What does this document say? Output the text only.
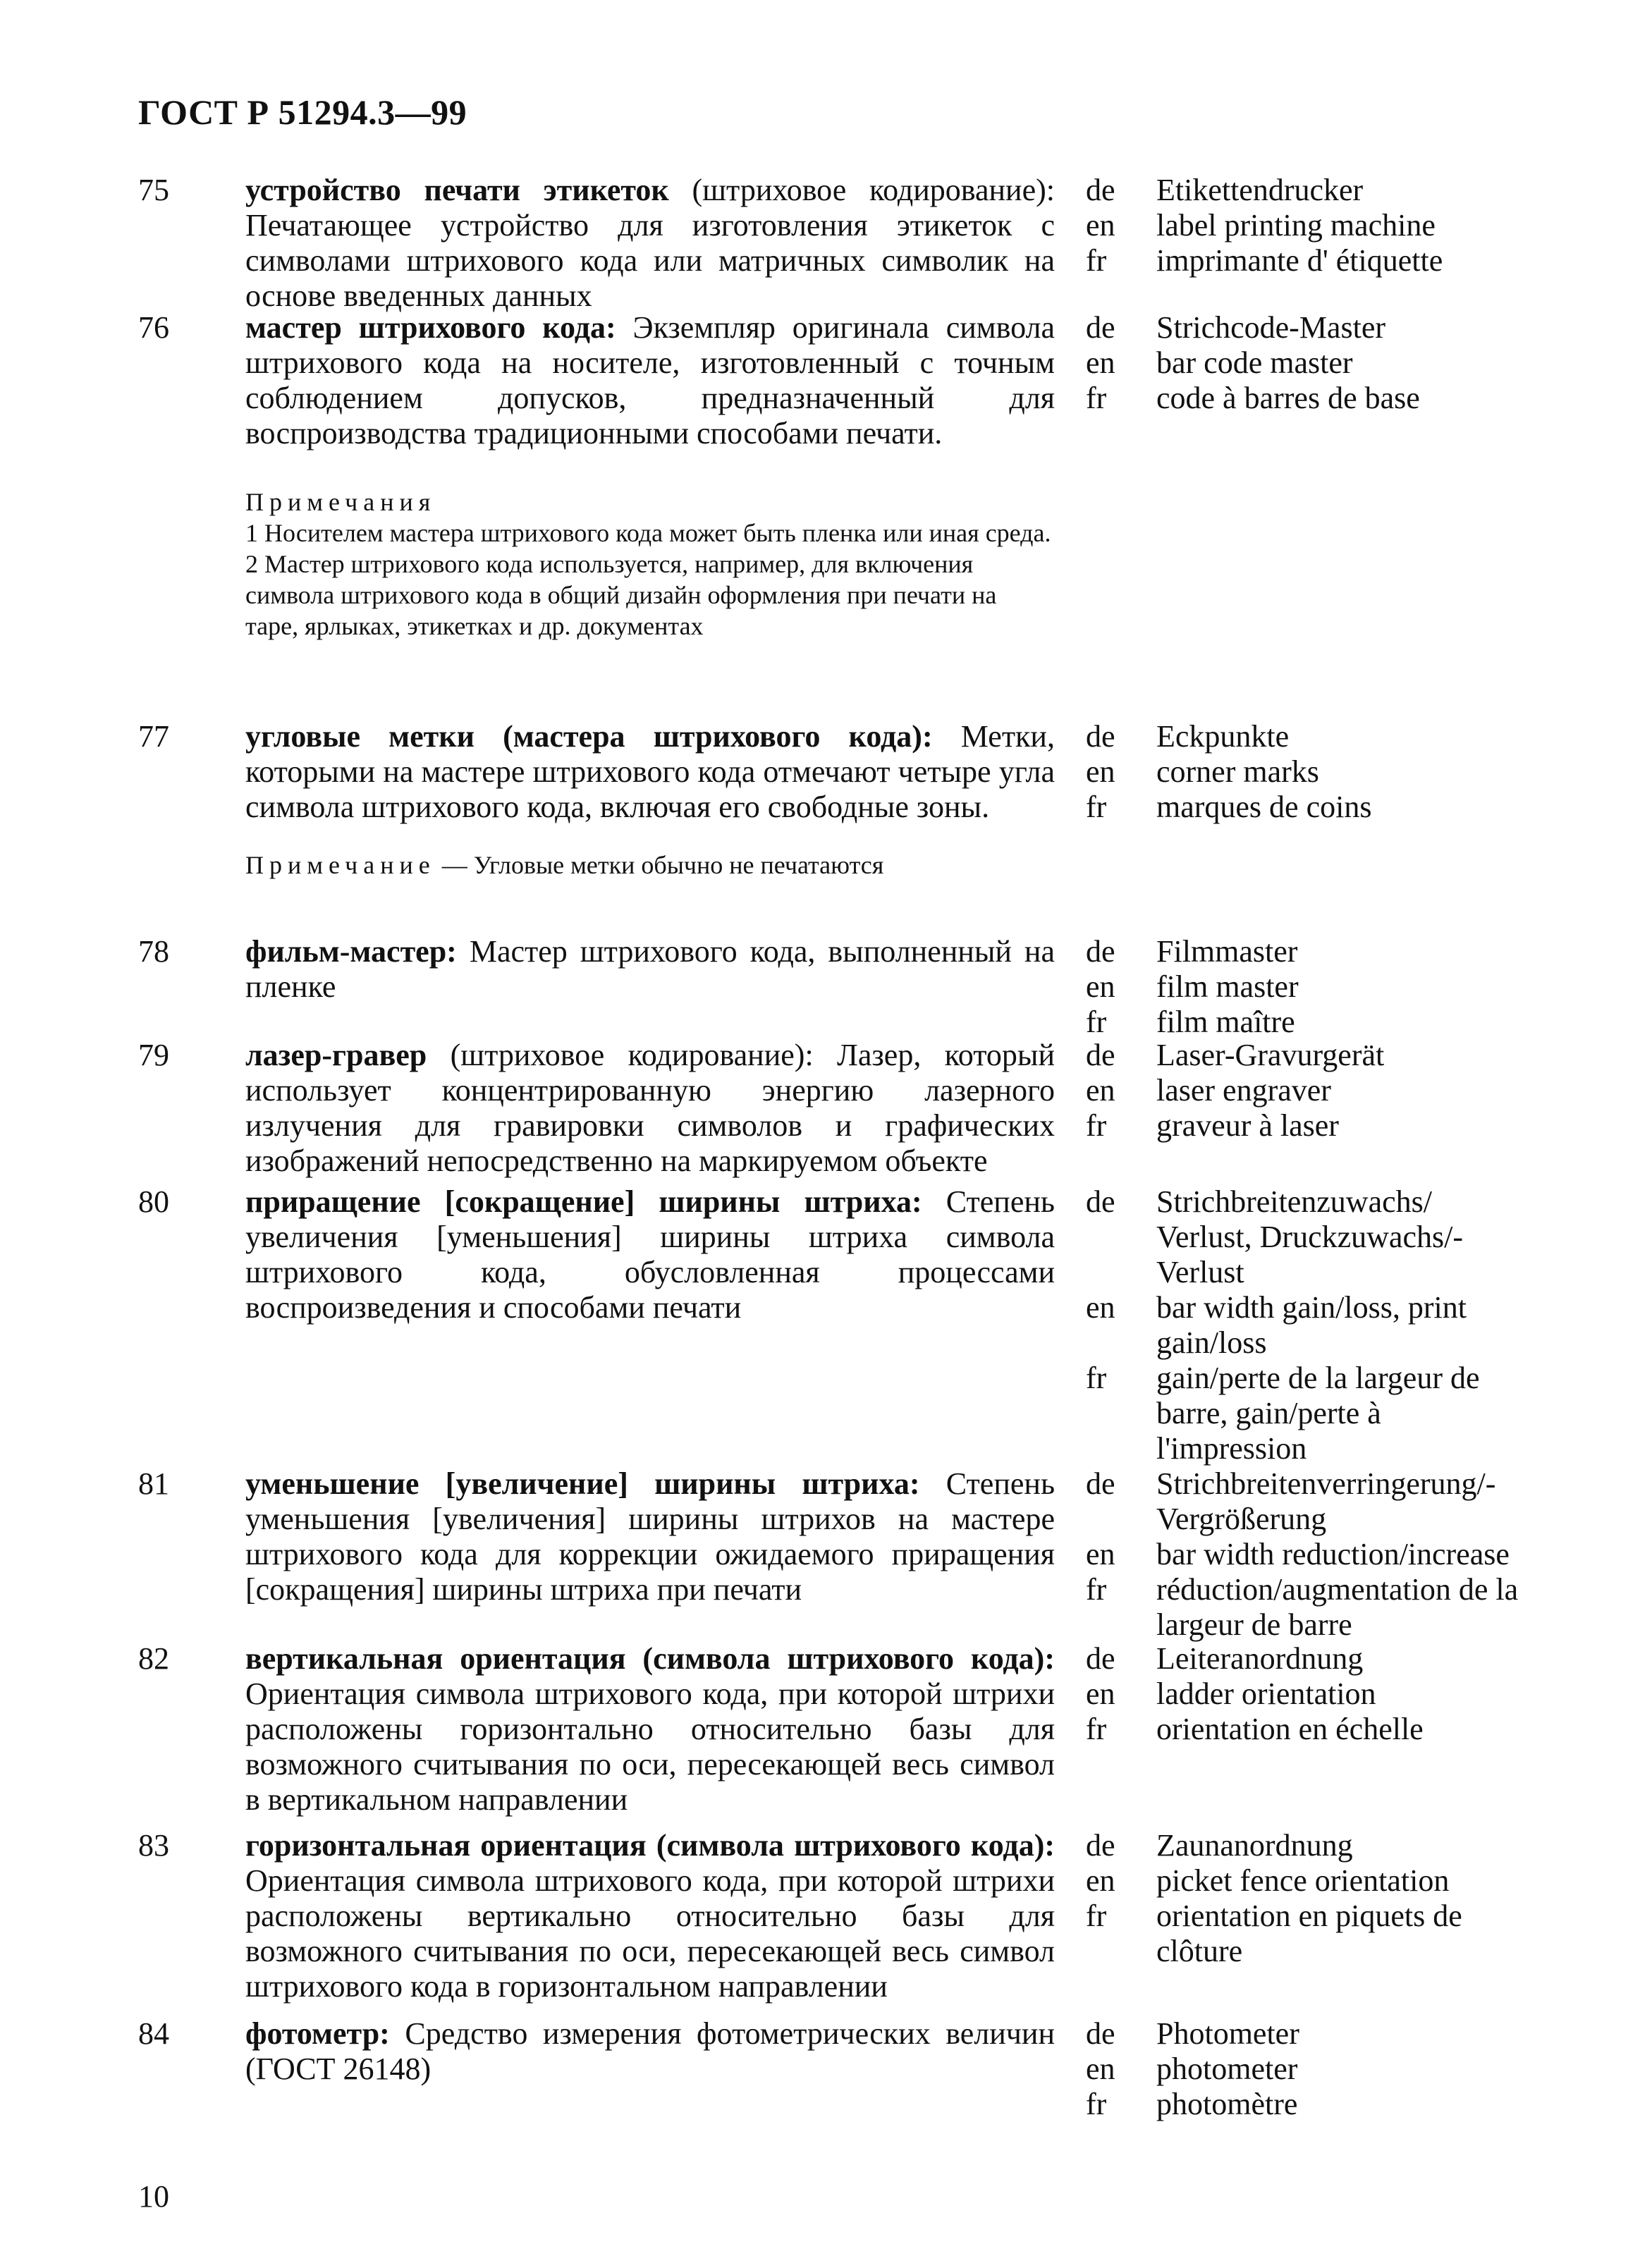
ГОСТ Р 51294.3—99
75 устройство печати этикеток (штриховое кодирование): Печатающее устройство для изготовления этикеток с символами штрихового кода или матричных символик на основе введенных данных
de
en
fr
Etikettendrucker
label printing machine
imprimante d' étiquette
76 мастер штрихового кода: Экземпляр оригинала символа штрихового кода на носителе, изготовленный с точным соблюдением допусков, предназначенный для воспроизводства традиционными способами печати.
de
en
fr
Strichcode-Master
bar code master
code à barres de base
Примечания
1 Носителем мастера штрихового кода может быть пленка или иная среда.
2 Мастер штрихового кода используется, например, для включения символа штрихового кода в общий дизайн оформления при печати на таре, ярлыках, этикетках и др. документах
77 угловые метки (мастера штрихового кода): Метки, которыми на мастере штрихового кода отмечают четыре угла символа штрихового кода, включая его свободные зоны.
de
en
fr
Eckpunkte
corner marks
marques de coins
Примечание — Угловые метки обычно не печатаются
78 фильм-мастер: Мастер штрихового кода, выполненный на пленке
de
en
fr
Filmmaster
film master
film maître
79 лазер-гравер (штриховое кодирование): Лазер, который использует концентрированную энергию лазерного излучения для гравировки символов и графических изображений непосредственно на маркируемом объекте
de
en
fr
Laser-Gravurgerät
laser engraver
graveur à laser
80 приращение [сокращение] ширины штриха: Степень увеличения [уменьшения] ширины штриха символа штрихового кода, обусловленная процессами воспроизведения и способами печати
de
en
fr
Strichbreitenzuwachs/ Verlust, Druckzuwachs/- Verlust
bar width gain/loss, print gain/loss
gain/perte de la largeur de barre, gain/perte à l'impression
81 уменьшение [увеличение] ширины штриха: Степень уменьшения [увеличения] ширины штрихов на мастере штрихового кода для коррекции ожидаемого приращения [сокращения] ширины штриха при печати
de
en
fr
Strichbreitenverringerung/- Vergrößerung
bar width reduction/increase
réduction/augmentation de la largeur de barre
82 вертикальная ориентация (символа штрихового кода): Ориентация символа штрихового кода, при которой штрихи расположены горизонтально относительно базы для возможного считывания по оси, пересекающей весь символ в вертикальном направлении
de
en
fr
Leiteranordnung
ladder orientation
orientation en échelle
83 горизонтальная ориентация (символа штрихового кода): Ориентация символа штрихового кода, при которой штрихи расположены вертикально относительно базы для возможного считывания по оси, пересекающей весь символ штрихового кода в горизонтальном направлении
de
en
fr
Zaunanordnung
picket fence orientation
orientation en piquets de clôture
84 фотометр: Средство измерения фотометрических величин (ГОСТ 26148)
de
en
fr
Photometer
photometer
photomètre
10
